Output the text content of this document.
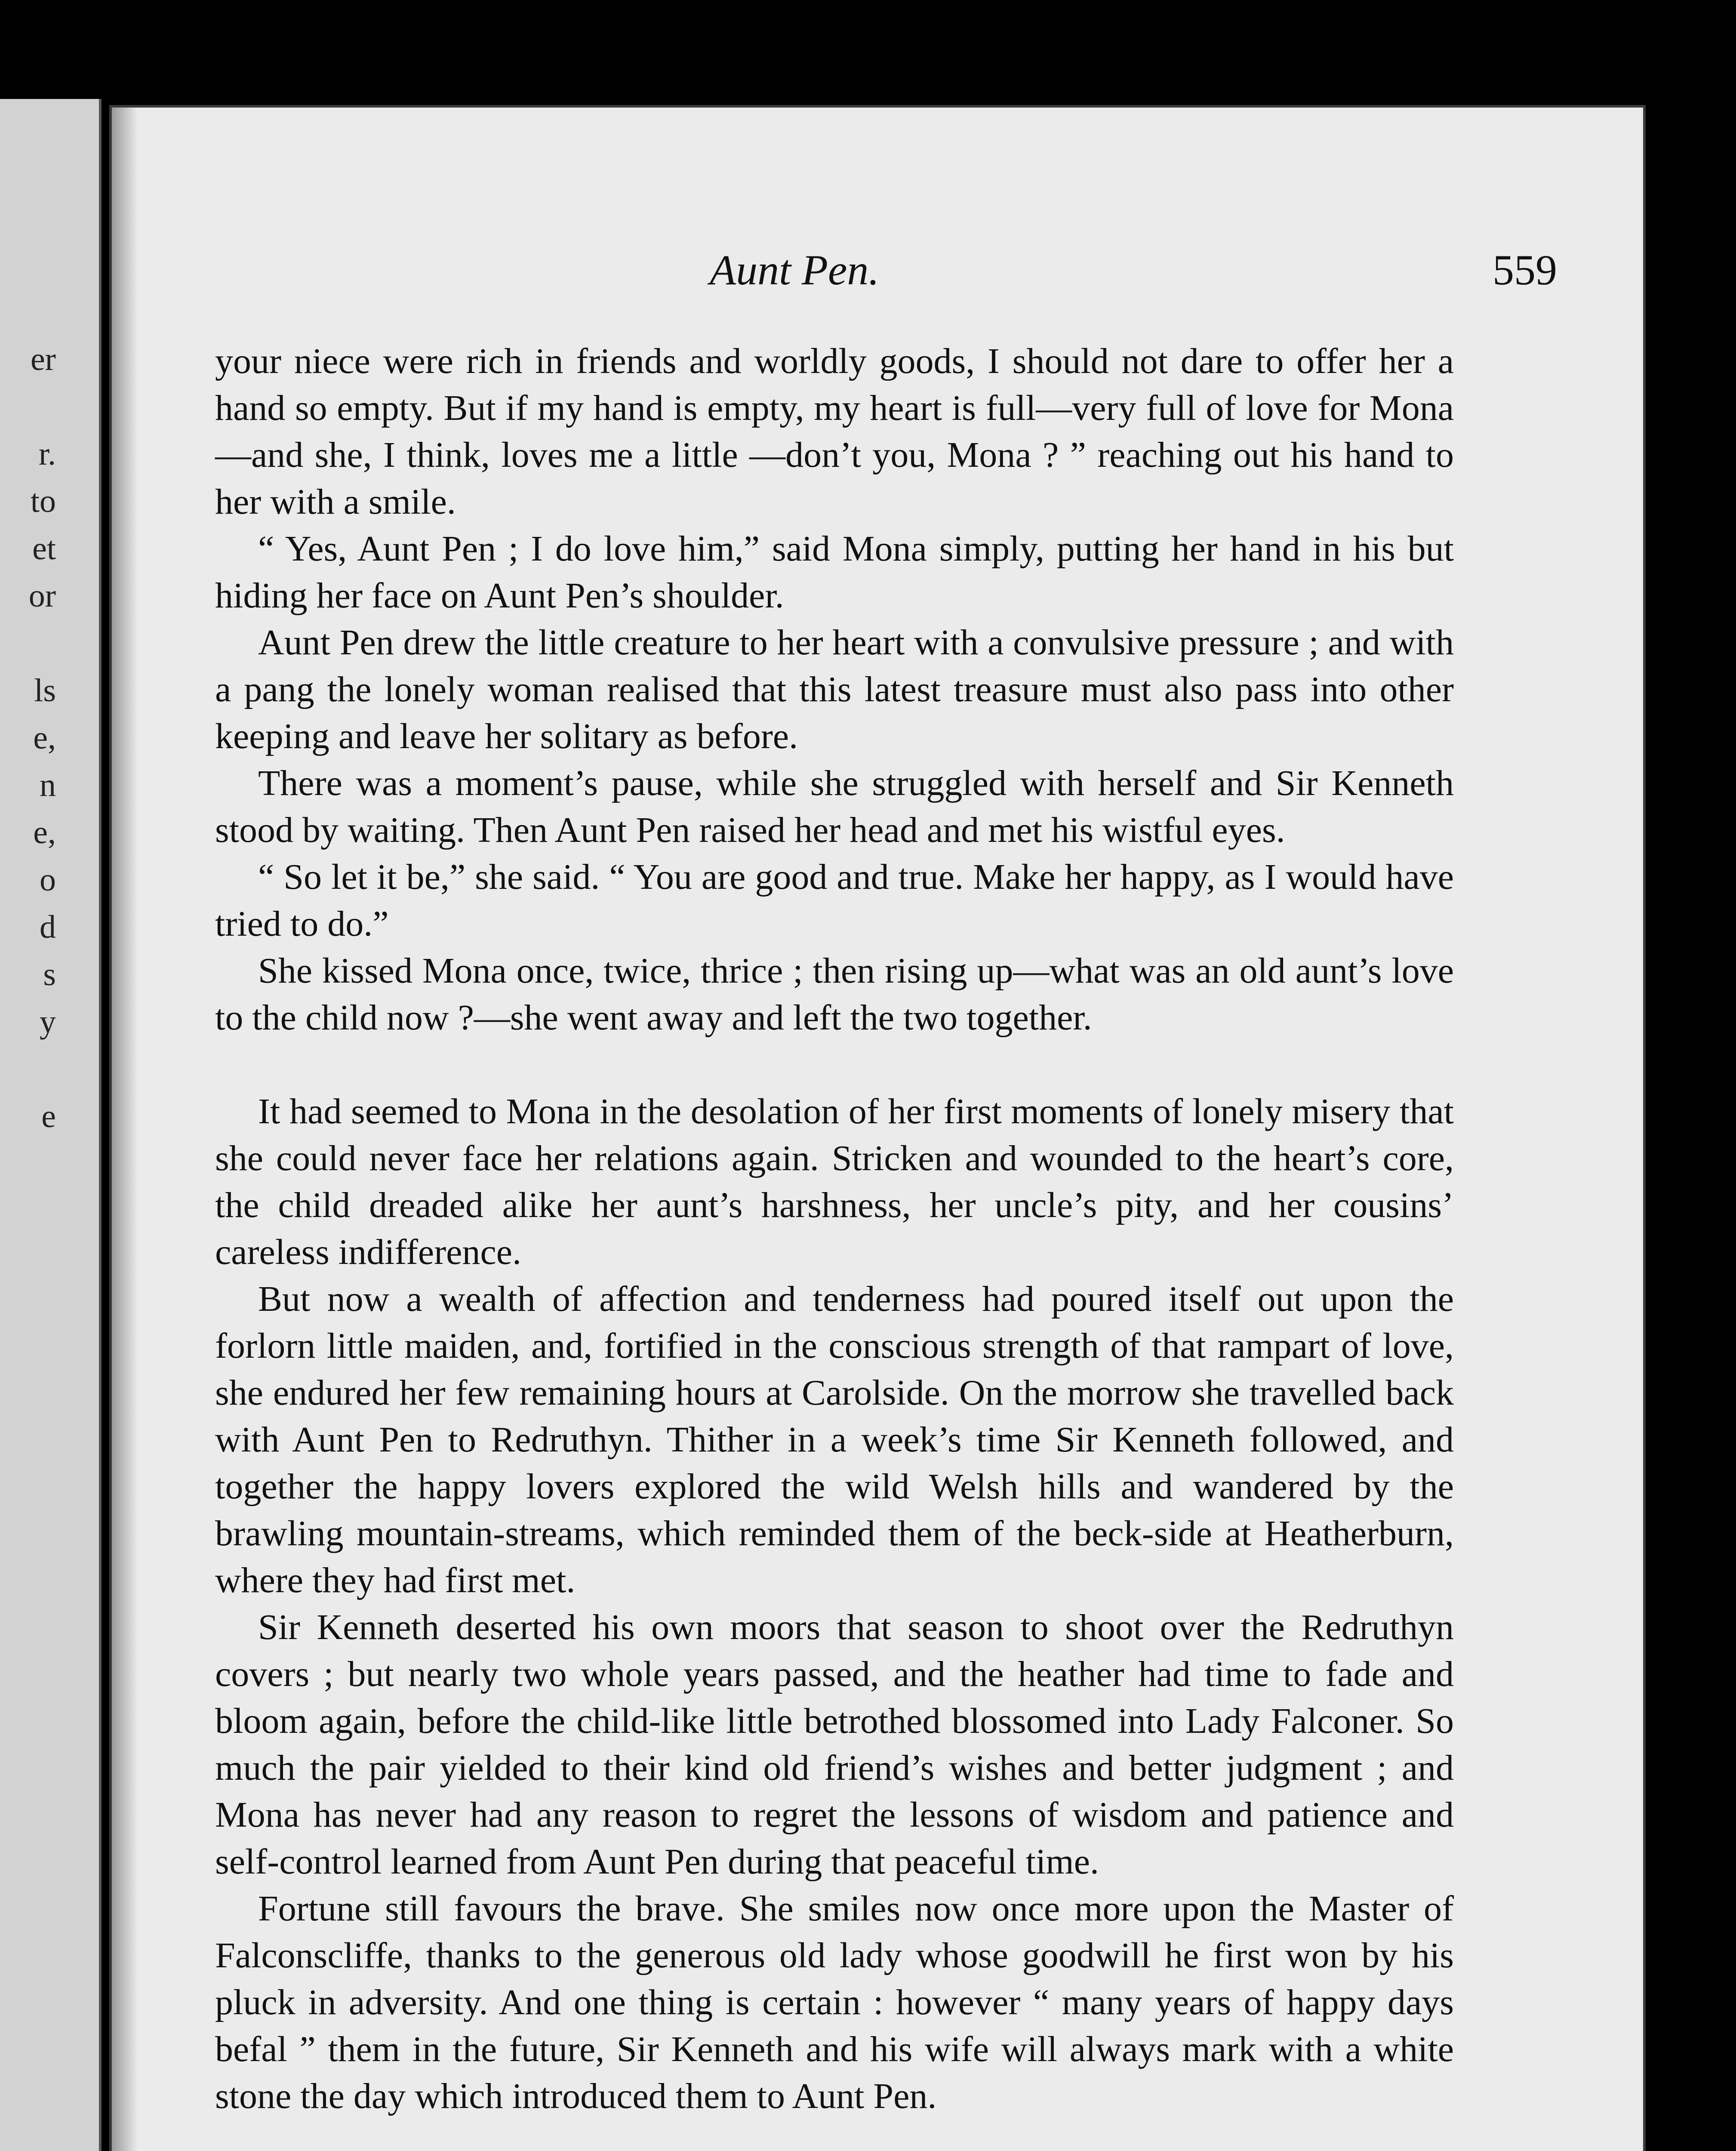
er
r.
to
et
or
ls
e,
n
e,
o
d
s
y
e
Aunt Pen.	559

your niece were rich in friends and worldly goods, I should not dare to offer her a hand so empty. But if my hand is empty, my heart is full—very full of love for Mona—and she, I think, loves me a little —don’t you, Mona ? ” reaching out his hand to her with a smile.

“ Yes, Aunt Pen ; I do love him,” said Mona simply, putting her hand in his but hiding her face on Aunt Pen’s shoulder.

Aunt Pen drew the little creature to her heart with a convulsive pressure ; and with a pang the lonely woman realised that this latest treasure must also pass into other keeping and leave her solitary as before.

There was a moment’s pause, while she struggled with herself and Sir Kenneth stood by waiting. Then Aunt Pen raised her head and met his wistful eyes.

“ So let it be,” she said. “ You are good and true. Make her happy, as I would have tried to do.”

She kissed Mona once, twice, thrice ; then rising up—what was an old aunt’s love to the child now ?—she went away and left the two together.

It had seemed to Mona in the desolation of her first moments of lonely misery that she could never face her relations again. Stricken and wounded to the heart’s core, the child dreaded alike her aunt’s harshness, her uncle’s pity, and her cousins’ careless indifference.

But now a wealth of affection and tenderness had poured itself out upon the forlorn little maiden, and, fortified in the conscious strength of that rampart of love, she endured her few remaining hours at Carolside. On the morrow she travelled back with Aunt Pen to Redruthyn. Thither in a week’s time Sir Kenneth followed, and together the happy lovers explored the wild Welsh hills and wandered by the brawling mountain-streams, which reminded them of the beck-side at Heatherburn, where they had first met.

Sir Kenneth deserted his own moors that season to shoot over the Redruthyn covers ; but nearly two whole years passed, and the heather had time to fade and bloom again, before the child-like little betrothed blossomed into Lady Falconer. So much the pair yielded to their kind old friend’s wishes and better judgment ; and Mona has never had any reason to regret the lessons of wisdom and patience and self-control learned from Aunt Pen during that peaceful time.

Fortune still favours the brave. She smiles now once more upon the Master of Falconscliffe, thanks to the generous old lady whose goodwill he first won by his pluck in adversity. And one thing is certain : however “ many years of happy days befal ” them in the future, Sir Kenneth and his wife will always mark with a white stone the day which introduced them to Aunt Pen.
